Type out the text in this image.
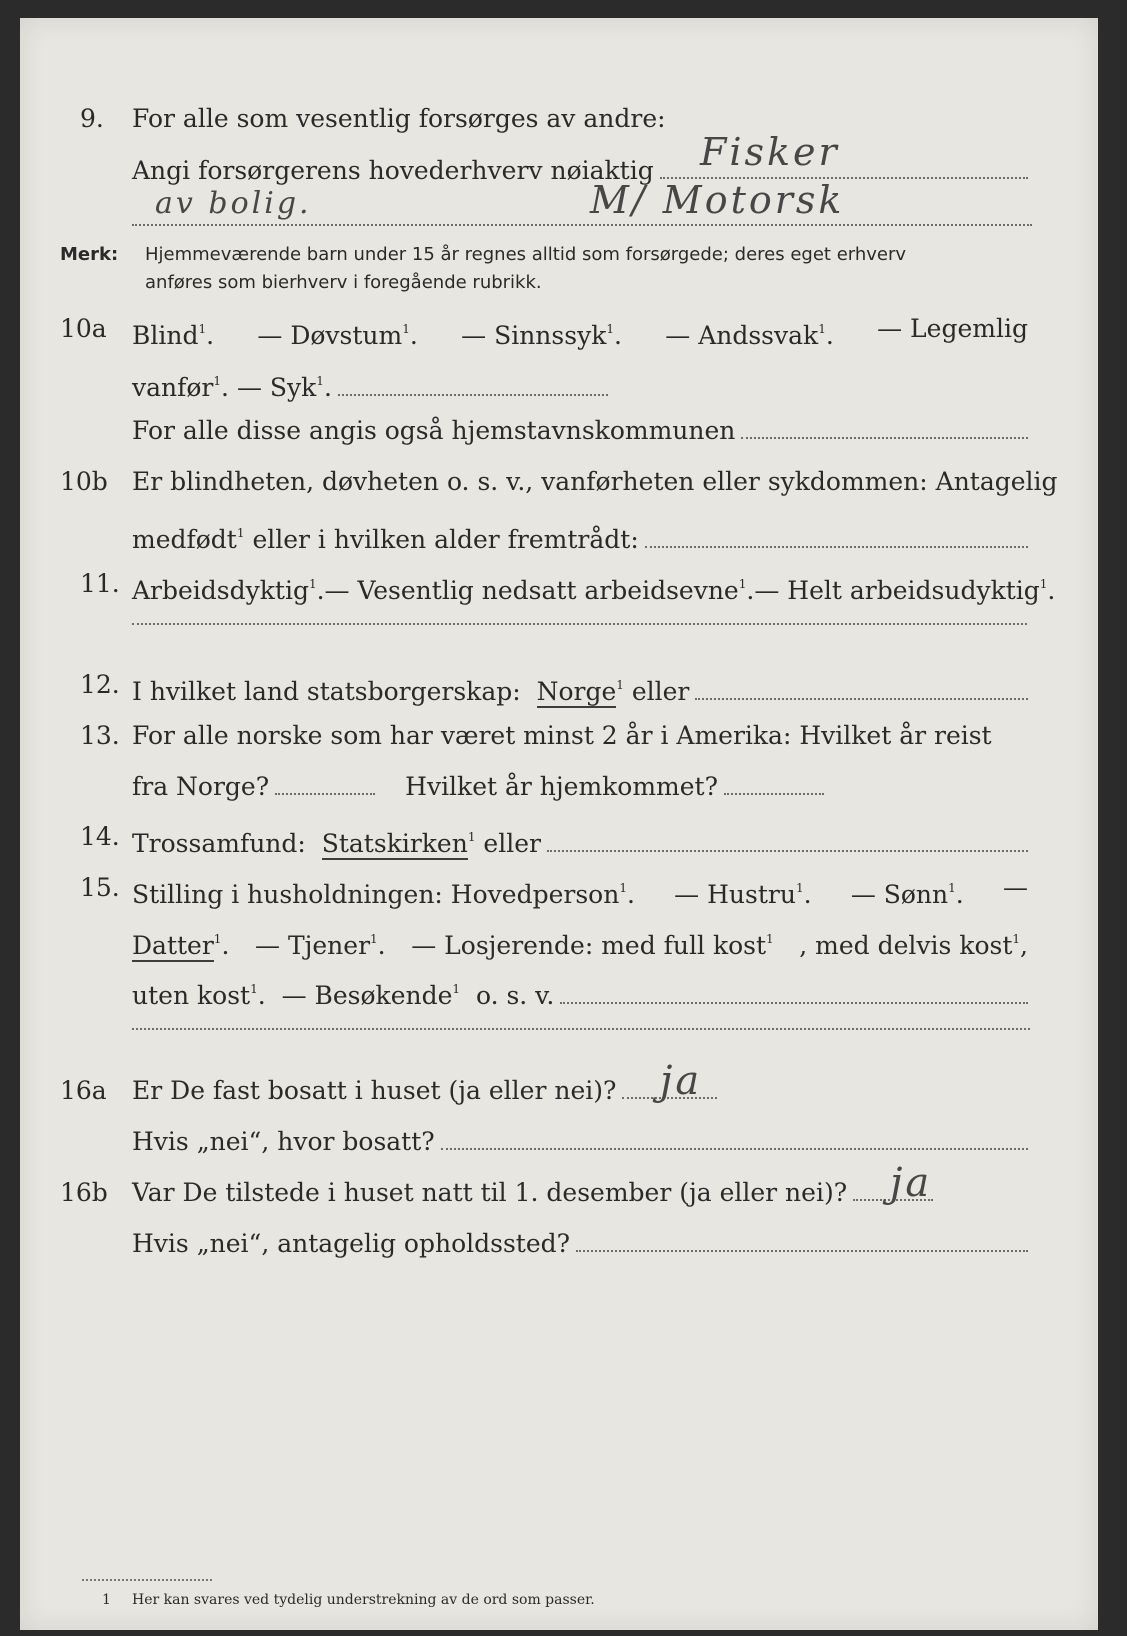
9. For alle som vesentlig forsørges av andre:
Angi forsørgerens hovederhverv nøiaktig Fisker
av bolig.	M/ Motorsk
Merk: Hjemmeværende barn under 15 år regnes alltid som forsørgede; deres eget erhverv
anføres som bierhverv i foregående rubrikk.
10a Blind$^1$. — Døvstum$^1$. — Sinnssyk$^1$. — Andssvak$^1$. — Legemlig
vanfør$^1$. — Syk$^1$.
For alle disse angis også hjemstavnskommunen
10b Er blindheten, døvheten o. s. v., vanførheten eller sykdommen: Antagelig
medfødt$^1$ eller i hvilken alder fremtrådt:
11. Arbeidsdyktig$^1$. — Vesentlig nedsatt arbeidsevne$^1$. — Helt arbeidsudyktig$^1$.
12. I hvilket land statsborgerskap:
Norge$^1$
eller
13. For alle norske som har været minst 2 år i Amerika: Hvilket år reist
fra Norge?	Hvilket år hjemkommet?
14. Trossamfund:
Statskirken$^1$
eller
15. Stilling i husholdningen: Hovedperson$^1$. — Hustru$^1$. — Sønn$^1$. —
Datter$^1$. — Tjener$^1$. — Losjerende: med full kost$^1$ , med delvis kost$^1$,
uten kost$^1$. — Besøkende$^1$ o. s. v.
16a Er De fast bosatt i huset (ja eller nei)? ja
Hvis „nei“, hvor bosatt?
16b Var De tilstede i huset natt til 1. desember (ja eller nei)? ja
Hvis „nei“, antagelig opholdssted?
1 Her kan svares ved tydelig understrekning av de ord som passer.
